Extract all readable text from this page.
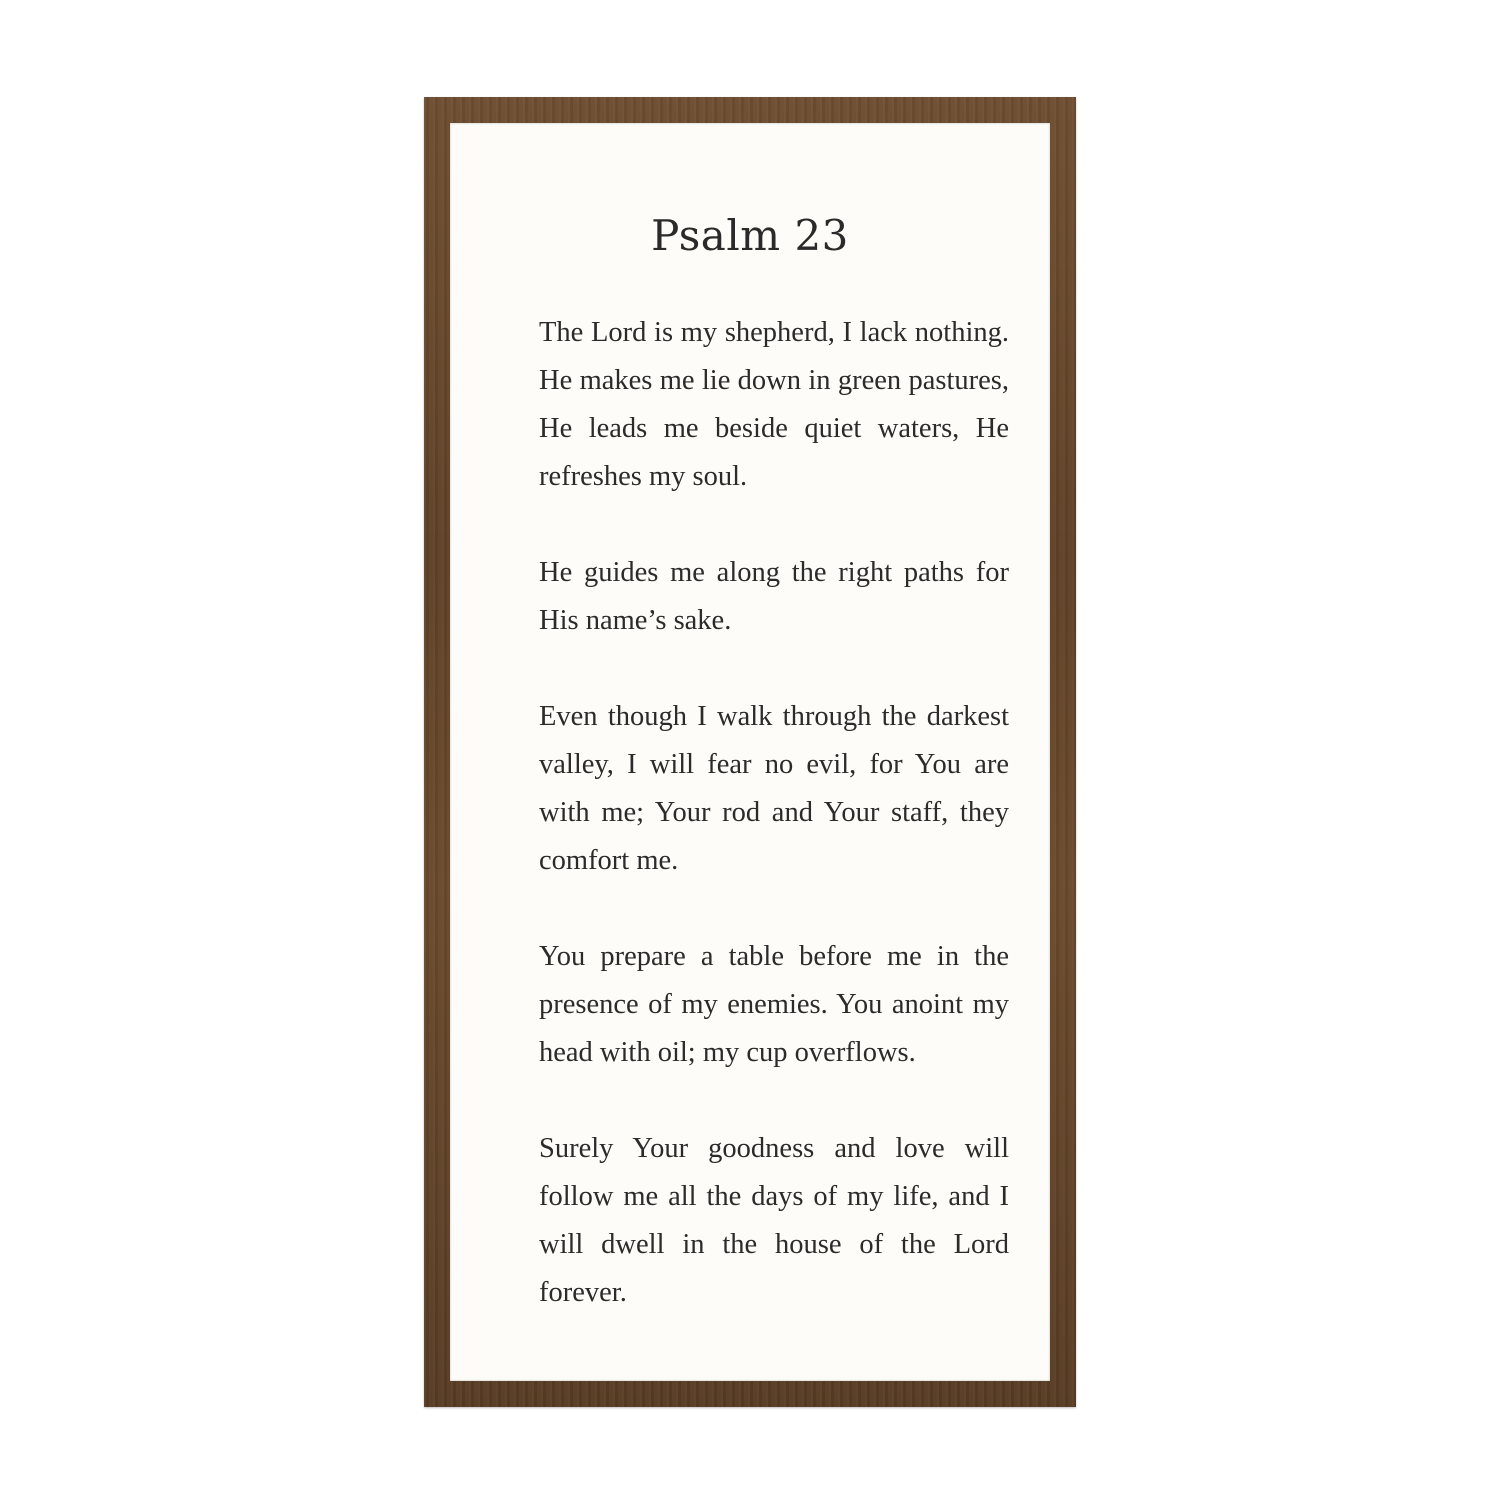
Psalm 23

The Lord is my shepherd, I lack nothing. He makes me lie down in green pastures, He leads me beside quiet waters, He refreshes my soul.

He guides me along the right paths for His name’s sake.

Even though I walk through the darkest valley, I will fear no evil, for You are with me; Your rod and Your staff, they comfort me.

You prepare a table before me in the presence of my enemies. You anoint my head with oil; my cup overflows.

Surely Your goodness and love will follow me all the days of my life, and I will dwell in the house of the Lord forever.
